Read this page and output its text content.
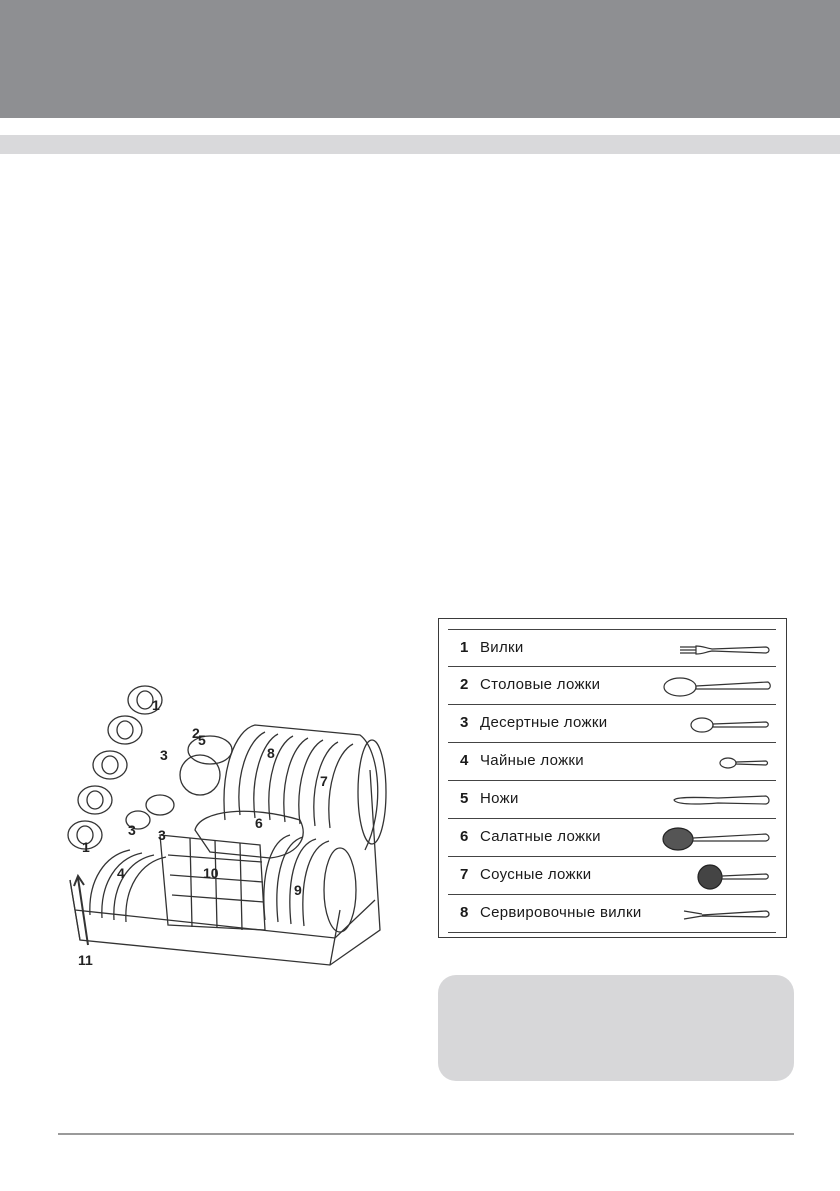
1
2
3
3
3
4
5
6
7
8
9
10
1
11
1 Вилки
2 Столовые ложки
3 Десертные ложки
4 Чайные ложки
5 Ножи
6 Салатные ложки
7 Соусные ложки
8 Сервировочные вилки
